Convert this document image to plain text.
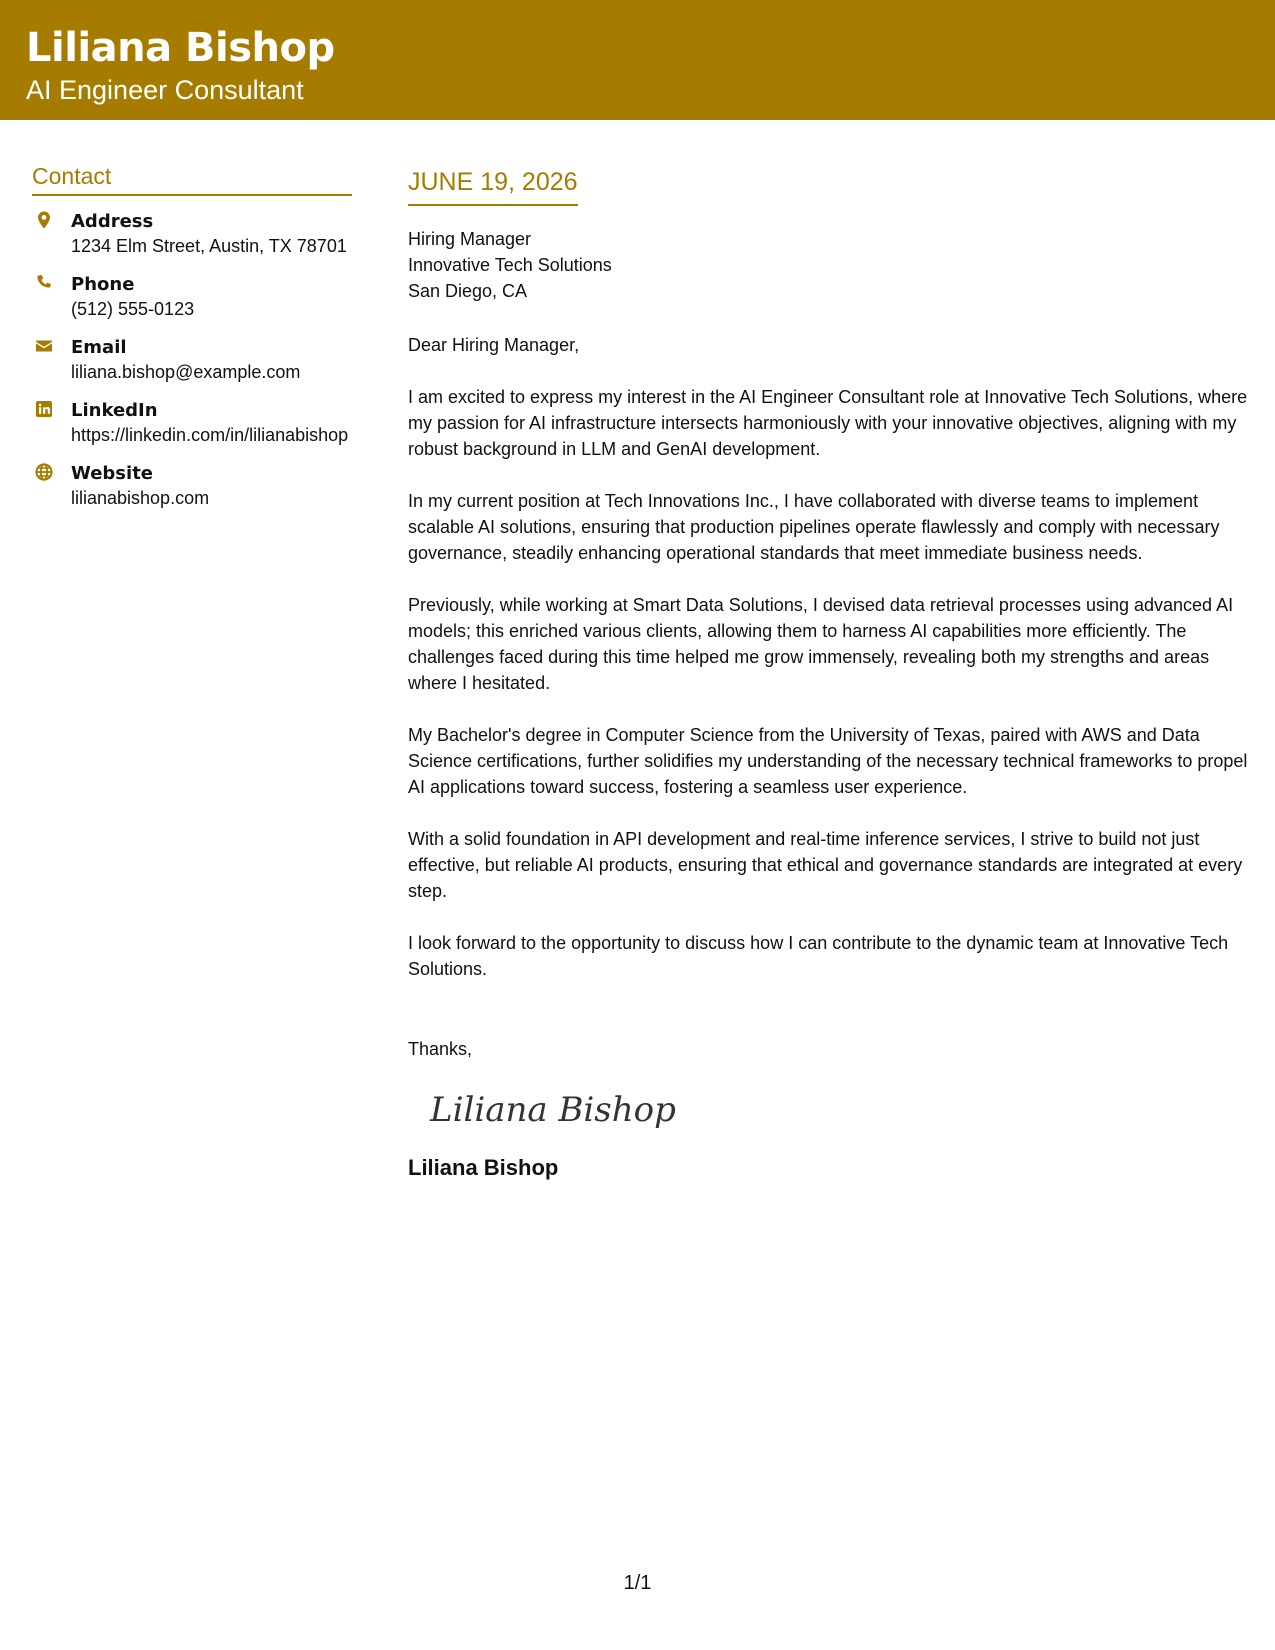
Liliana Bishop
AI Engineer Consultant
Contact
Address
1234 Elm Street, Austin, TX 78701
Phone
(512) 555-0123
Email
liliana.bishop@example.com
LinkedIn
https://linkedin.com/in/lilianabishop
Website
lilianabishop.com
JUNE 19, 2026
Hiring Manager
Innovative Tech Solutions
San Diego, CA
Dear Hiring Manager,
I am excited to express my interest in the AI Engineer Consultant role at Innovative Tech Solutions, where my passion for AI infrastructure intersects harmoniously with your innovative objectives, aligning with my robust background in LLM and GenAI development.
In my current position at Tech Innovations Inc., I have collaborated with diverse teams to implement scalable AI solutions, ensuring that production pipelines operate flawlessly and comply with necessary governance, steadily enhancing operational standards that meet immediate business needs.
Previously, while working at Smart Data Solutions, I devised data retrieval processes using advanced AI models; this enriched various clients, allowing them to harness AI capabilities more efficiently. The challenges faced during this time helped me grow immensely, revealing both my strengths and areas where I hesitated.
My Bachelor's degree in Computer Science from the University of Texas, paired with AWS and Data Science certifications, further solidifies my understanding of the necessary technical frameworks to propel AI applications toward success, fostering a seamless user experience.
With a solid foundation in API development and real-time inference services, I strive to build not just effective, but reliable AI products, ensuring that ethical and governance standards are integrated at every step.
I look forward to the opportunity to discuss how I can contribute to the dynamic team at Innovative Tech Solutions.
Thanks,
Liliana Bishop
Liliana Bishop
1/1
